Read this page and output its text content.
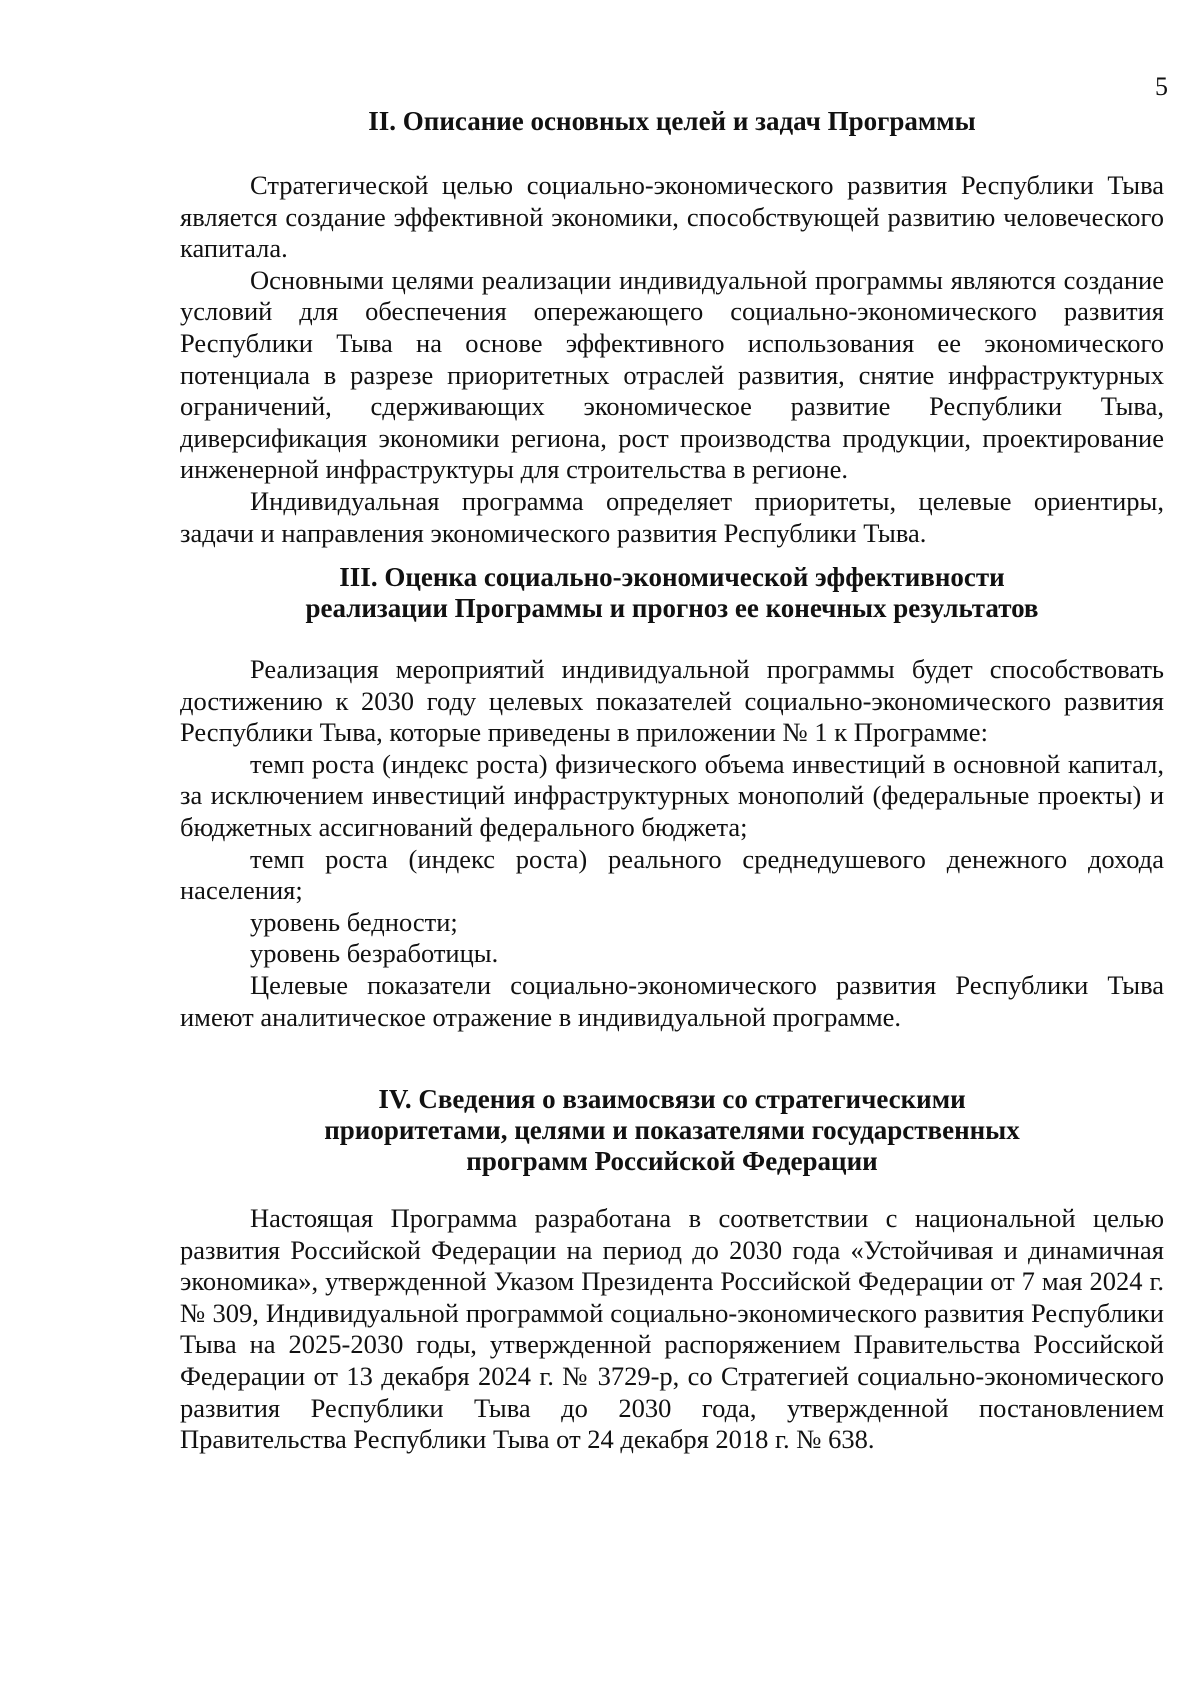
5
II. Описание основных целей и задач Программы

Стратегической целью социально-экономического развития Республики Тыва является создание эффективной экономики, способствующей развитию человеческого капитала.

Основными целями реализации индивидуальной программы являются создание условий для обеспечения опережающего социально-экономического развития Республики Тыва на основе эффективного использования ее экономического потенциала в разрезе приоритетных отраслей развития, снятие инфраструктурных ограничений, сдерживающих экономическое развитие Республики Тыва, диверсификация экономики региона, рост производства продукции, проектирование инженерной инфраструктуры для строительства в регионе.

Индивидуальная программа определяет приоритеты, целевые ориентиры, задачи и направления экономического развития Республики Тыва.

III. Оценка социально-экономической эффективности
реализации Программы и прогноз ее конечных результатов

Реализация мероприятий индивидуальной программы будет способствовать достижению к 2030 году целевых показателей социально-экономического развития Республики Тыва, которые приведены в приложении № 1 к Программе:

темп роста (индекс роста) физического объема инвестиций в основной капитал, за исключением инвестиций инфраструктурных монополий (федеральные проекты) и бюджетных ассигнований федерального бюджета;

темп роста (индекс роста) реального среднедушевого денежного дохода населения;

уровень бедности;

уровень безработицы.

Целевые показатели социально-экономического развития Республики Тыва имеют аналитическое отражение в индивидуальной программе.

IV. Сведения о взаимосвязи со стратегическими
приоритетами, целями и показателями государственных
программ Российской Федерации

Настоящая Программа разработана в соответствии с национальной целью развития Российской Федерации на период до 2030 года «Устойчивая и динамичная экономика», утвержденной Указом Президента Российской Федерации от 7 мая 2024 г. № 309, Индивидуальной программой социально-экономического развития Республики Тыва на 2025-2030 годы, утвержденной распоряжением Правительства Российской Федерации от 13 декабря 2024 г. № 3729-р, со Стратегией социально-экономического развития Республики Тыва до 2030 года, утвержденной постановлением Правительства Республики Тыва от 24 декабря 2018 г. № 638.
